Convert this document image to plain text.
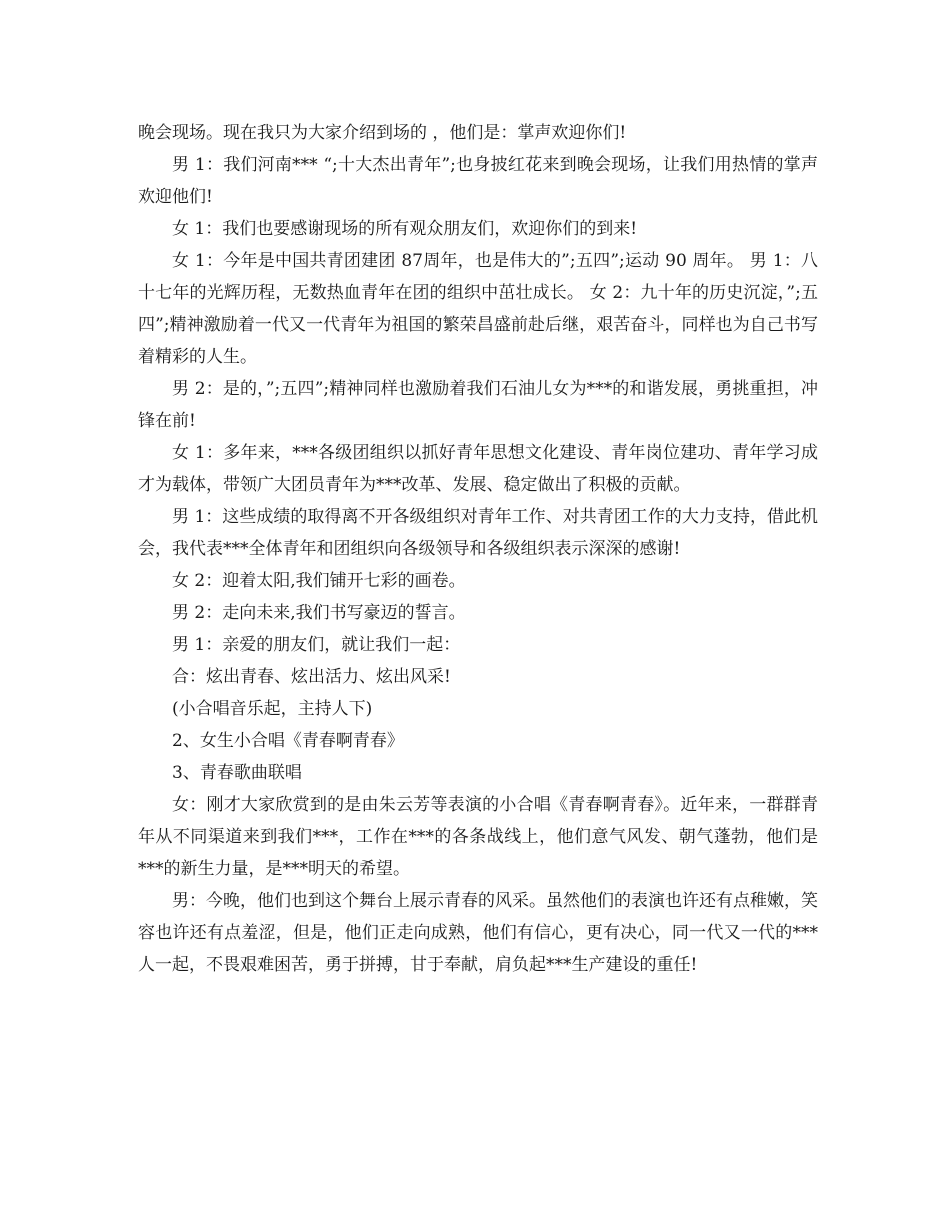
晚会现场。现在我只为大家介绍到场的 ，他们是：掌声欢迎你们!

男 1：我们河南*** “;十大杰出青年”;也身披红花来到晚会现场，让我们用热情的掌声欢迎他们!

女 1：我们也要感谢现场的所有观众朋友们，欢迎你们的到来!

女 1：今年是中国共青团建团 87周年，也是伟大的”;五四”;运动 90 周年。 男 1：八十七年的光辉历程，无数热血青年在团的组织中茁壮成长。 女 2：九十年的历史沉淀，”;五四”;精神激励着一代又一代青年为祖国的繁荣昌盛前赴后继，艰苦奋斗，同样也为自己书写着精彩的人生。

男 2：是的，”;五四”;精神同样也激励着我们石油儿女为***的和谐发展，勇挑重担，冲锋在前!

女 1：多年来，***各级团组织以抓好青年思想文化建设、青年岗位建功、青年学习成才为载体，带领广大团员青年为***改革、发展、稳定做出了积极的贡献。

男 1：这些成绩的取得离不开各级组织对青年工作、对共青团工作的大力支持，借此机会，我代表***全体青年和团组织向各级领导和各级组织表示深深的感谢!

女 2：迎着太阳,我们铺开七彩的画卷。

男 2：走向未来,我们书写豪迈的誓言。

男 1：亲爱的朋友们，就让我们一起：

合：炫出青春、炫出活力、炫出风采!

(小合唱音乐起，主持人下)

2、女生小合唱《青春啊青春》

3、青春歌曲联唱

女：刚才大家欣赏到的是由朱云芳等表演的小合唱《青春啊青春》。近年来，一群群青年从不同渠道来到我们***，工作在***的各条战线上，他们意气风发、朝气蓬勃，他们是***的新生力量，是***明天的希望。

男：今晚，他们也到这个舞台上展示青春的风采。虽然他们的表演也许还有点稚嫩，笑容也许还有点羞涩，但是，他们正走向成熟，他们有信心，更有决心，同一代又一代的***人一起，不畏艰难困苦，勇于拼搏，甘于奉献，肩负起***生产建设的重任!
